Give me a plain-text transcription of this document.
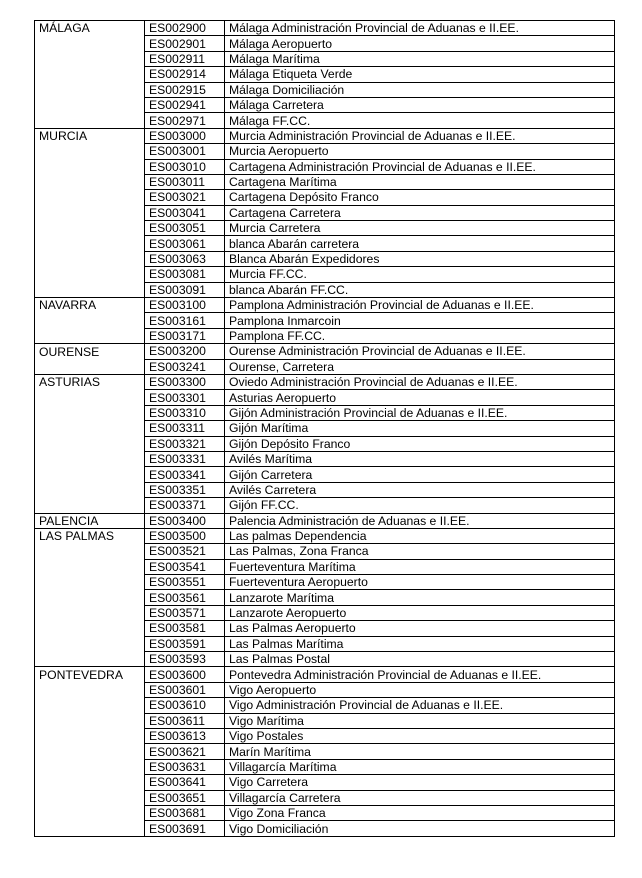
MÁLAGA	ES002900	Málaga Administración Provincial de Aduanas e II.EE.
	ES002901	Málaga Aeropuerto
	ES002911	Málaga Marítima
	ES002914	Málaga Etiqueta Verde
	ES002915	Málaga Domiciliación
	ES002941	Málaga Carretera
	ES002971	Málaga FF.CC.
MURCIA	ES003000	Murcia Administración Provincial de Aduanas e II.EE.
	ES003001	Murcia Aeropuerto
	ES003010	Cartagena Administración Provincial de Aduanas e II.EE.
	ES003011	Cartagena Marítima
	ES003021	Cartagena Depósito Franco
	ES003041	Cartagena Carretera
	ES003051	Murcia Carretera
	ES003061	blanca Abarán carretera
	ES003063	Blanca Abarán Expedidores
	ES003081	Murcia FF.CC.
	ES003091	blanca Abarán FF.CC.
NAVARRA	ES003100	Pamplona Administración Provincial de Aduanas e II.EE.
	ES003161	Pamplona Inmarcoin
	ES003171	Pamplona FF.CC.
OURENSE	ES003200	Ourense Administración Provincial de Aduanas e II.EE.
	ES003241	Ourense, Carretera
ASTURIAS	ES003300	Oviedo Administración Provincial de Aduanas e II.EE.
	ES003301	Asturias Aeropuerto
	ES003310	Gijón Administración Provincial de Aduanas e II.EE.
	ES003311	Gijón Marítima
	ES003321	Gijón Depósito Franco
	ES003331	Avilés Marítima
	ES003341	Gijón Carretera
	ES003351	Avilés Carretera
	ES003371	Gijón FF.CC.
PALENCIA	ES003400	Palencia Administración de Aduanas e II.EE.
LAS PALMAS	ES003500	Las palmas Dependencia
	ES003521	Las Palmas, Zona Franca
	ES003541	Fuerteventura Marítima
	ES003551	Fuerteventura Aeropuerto
	ES003561	Lanzarote Marítima
	ES003571	Lanzarote Aeropuerto
	ES003581	Las Palmas Aeropuerto
	ES003591	Las Palmas Marítima
	ES003593	Las Palmas Postal
PONTEVEDRA	ES003600	Pontevedra Administración Provincial de Aduanas e II.EE.
	ES003601	Vigo Aeropuerto
	ES003610	Vigo Administración Provincial de Aduanas e II.EE.
	ES003611	Vigo Marítima
	ES003613	Vigo Postales
	ES003621	Marín Marítima
	ES003631	Villagarcía Marítima
	ES003641	Vigo Carretera
	ES003651	Villagarcía Carretera
	ES003681	Vigo Zona Franca
	ES003691	Vigo Domiciliación
